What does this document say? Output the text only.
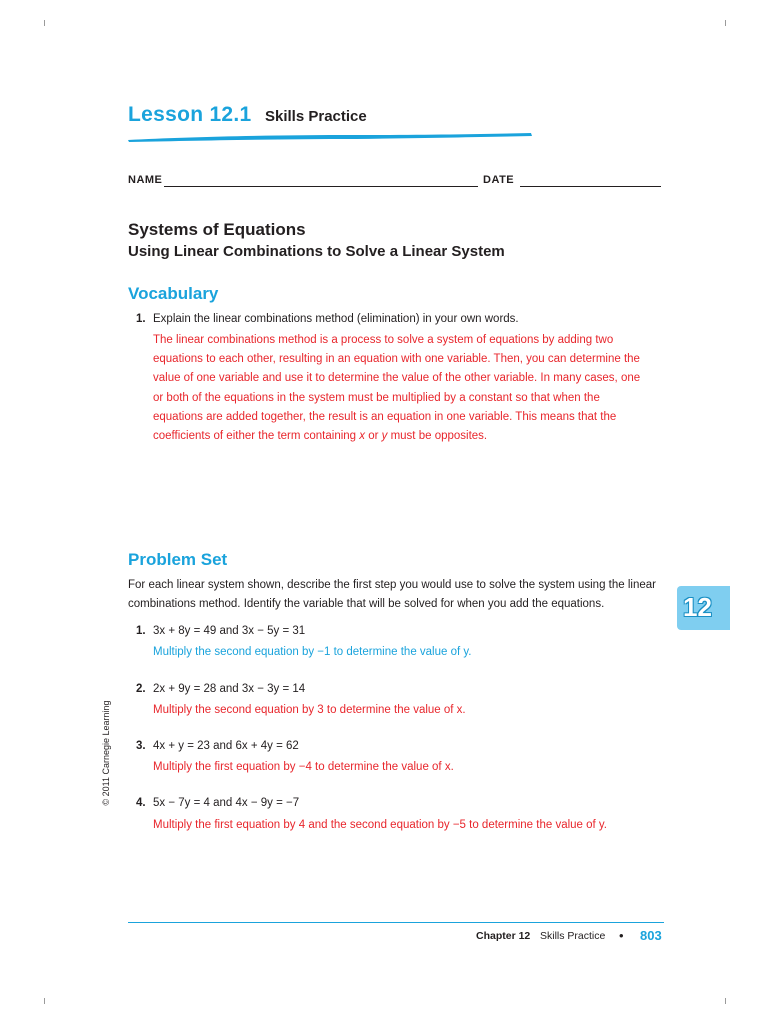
Lesson 12.1 Skills Practice
NAME	DATE
Systems of Equations
Using Linear Combinations to Solve a Linear System
Vocabulary
1. Explain the linear combinations method (elimination) in your own words.
The linear combinations method is a process to solve a system of equations by adding two
equations to each other, resulting in an equation with one variable. Then, you can determine the
value of one variable and use it to determine the value of the other variable. In many cases, one
or both of the equations in the system must be multiplied by a constant so that when the
equations are added together, the result is an equation in one variable. This means that the
coefficients of either the term containing x or y must be opposites.
Problem Set
For each linear system shown, describe the first step you would use to solve the system using the linear
combinations method. Identify the variable that will be solved for when you add the equations.
1. 3x + 8y = 49 and 3x − 5y = 31
Multiply the second equation by −1 to determine the value of y.
2. 2x + 9y = 28 and 3x − 3y = 14
Multiply the second equation by 3 to determine the value of x.
3. 4x + y = 23 and 6x + 4y = 62
Multiply the first equation by −4 to determine the value of x.
4. 5x − 7y = 4 and 4x − 9y = −7
Multiply the first equation by 4 and the second equation by −5 to determine the value of y.
12
© 2011 Carnegie Learning
Chapter 12 Skills Practice • 803
